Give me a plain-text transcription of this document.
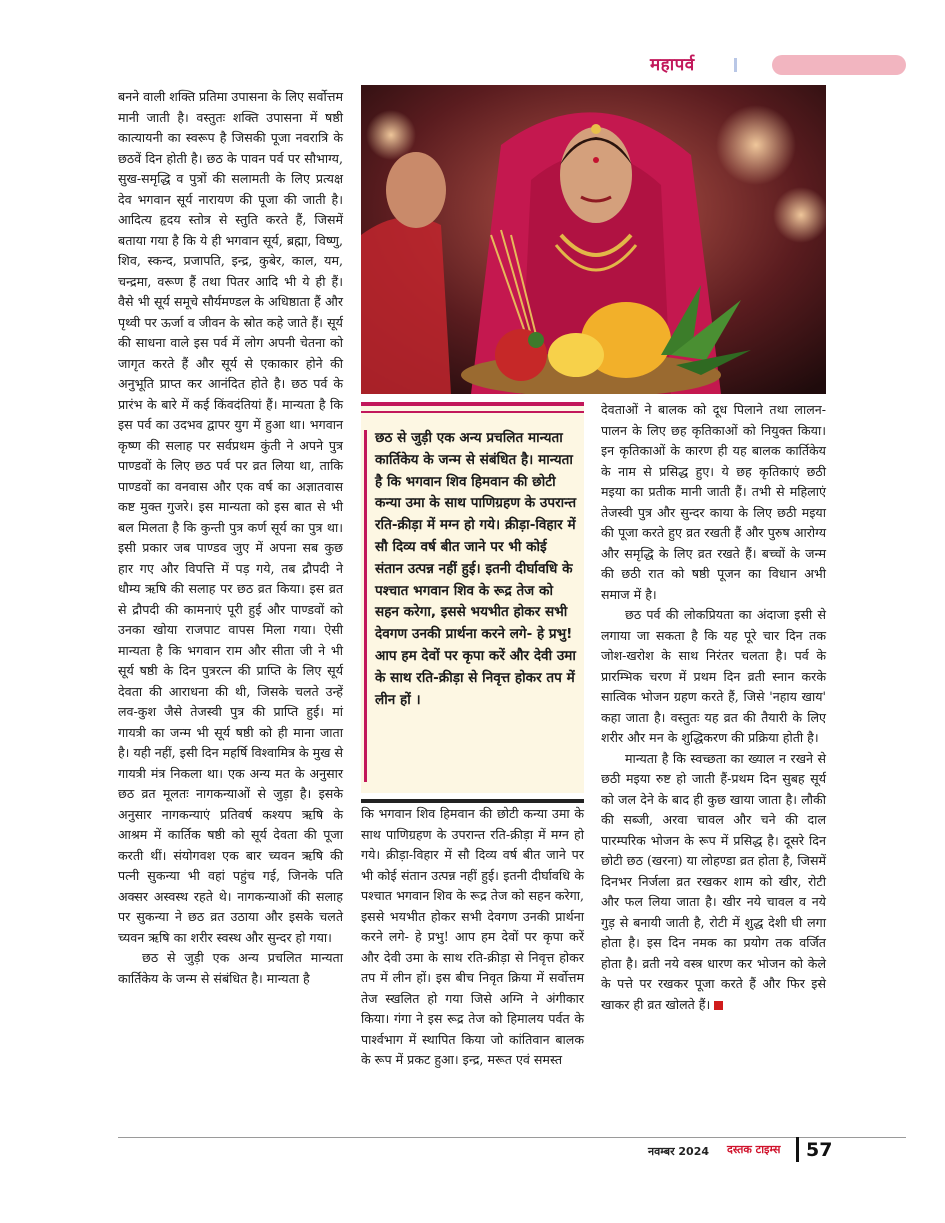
महापर्व

बनने वाली शक्ति प्रतिमा उपासना के लिए सर्वोत्तम मानी जाती है। वस्तुतः शक्ति उपासना में षष्ठी कात्यायनी का स्वरूप है जिसकी पूजा नवरात्रि के छठवें दिन होती है। छठ के पावन पर्व पर सौभाग्य, सुख-समृद्धि व पुत्रों की सलामती के लिए प्रत्यक्ष देव भगवान सूर्य नारायण की पूजा की जाती है। आदित्य हृदय स्तोत्र से स्तुति करते हैं, जिसमें बताया गया है कि ये ही भगवान सूर्य, ब्रह्मा, विष्णु, शिव, स्कन्द, प्रजापति, इन्द्र, कुबेर, काल, यम, चन्द्रमा, वरूण हैं तथा पितर आदि भी ये ही हैं। वैसे भी सूर्य समूचे सौर्यमण्डल के अधिष्ठाता हैं और पृथ्वी पर ऊर्जा व जीवन के स्रोत कहे जाते हैं। सूर्य की साधना वाले इस पर्व में लोग अपनी चेतना को जागृत करते हैं और सूर्य से एकाकार होने की अनुभूति प्राप्त कर आनंदित होते है। छठ पर्व के प्रारंभ के बारे में कई किंवदंतियां हैं। मान्यता है कि इस पर्व का उदभव द्वापर युग में हुआ था। भगवान कृष्ण की सलाह पर सर्वप्रथम कुंती ने अपने पुत्र पाण्डवों के लिए छठ पर्व पर व्रत लिया था, ताकि पाण्डवों का वनवास और एक वर्ष का अज्ञातवास कष्ट मुक्त गुजरे। इस मान्यता को इस बात से भी बल मिलता है कि कुन्ती पुत्र कर्ण सूर्य का पुत्र था। इसी प्रकार जब पाण्डव जुए में अपना सब कुछ हार गए और विपत्ति में पड़ गये, तब द्रौपदी ने धौम्य ऋषि की सलाह पर छठ व्रत किया। इस व्रत से द्रौपदी की कामनाएं पूरी हुई और पाण्डवों को उनका खोया राजपाट वापस मिला गया। ऐसी मान्यता है कि भगवान राम और सीता जी ने भी सूर्य षष्ठी के दिन पुत्ररत्न की प्राप्ति के लिए सूर्य देवता की आराधना की थी, जिसके चलते उन्हें लव-कुश जैसे तेजस्वी पुत्र की प्राप्ति हुई। मां गायत्री का जन्म भी सूर्य षष्ठी को ही माना जाता है। यही नहीं, इसी दिन महर्षि विश्वामित्र के मुख से गायत्री मंत्र निकला था। एक अन्य मत के अनुसार छठ व्रत मूलतः नागकन्याओं से जुड़ा है। इसके अनुसार नागकन्याएं प्रतिवर्ष कश्यप ऋषि के आश्रम में कार्तिक षष्ठी को सूर्य देवता की पूजा करती थीं। संयोगवश एक बार च्यवन ऋषि की पत्नी सुकन्या भी वहां पहुंच गई, जिनके पति अक्सर अस्वस्थ रहते थे। नागकन्याओं की सलाह पर सुकन्या ने छठ व्रत उठाया और इसके चलते च्यवन ऋषि का शरीर स्वस्थ और सुन्दर हो गया।

छठ से जुड़ी एक अन्य प्रचलित मान्यता कार्तिकेय के जन्म से संबंधित है। मान्यता है

छठ से जुड़ी एक अन्य प्रचलित मान्यता कार्तिकेय के जन्म से संबंधित है। मान्यता है कि भगवान शिव हिमवान की छोटी कन्या उमा के साथ पाणिग्रहण के उपरान्त रति-क्रीड़ा में मग्न हो गये। क्रीड़ा-विहार में सौ दिव्य वर्ष बीत जाने पर भी कोई संतान उत्पन्न नहीं हुई। इतनी दीर्घावधि के पश्चात भगवान शिव के रूद्र तेज को सहन करेगा, इससे भयभीत होकर सभी देवगण उनकी प्रार्थना करने लगे- हे प्रभु! आप हम देवों पर कृपा करें और देवी उमा के साथ रति-क्रीड़ा से निवृत्त होकर तप में लीन हों ।

कि भगवान शिव हिमवान की छोटी कन्या उमा के साथ पाणिग्रहण के उपरान्त रति-क्रीड़ा में मग्न हो गये। क्रीड़ा-विहार में सौ दिव्य वर्ष बीत जाने पर भी कोई संतान उत्पन्न नहीं हुई। इतनी दीर्घावधि के पश्चात भगवान शिव के रूद्र तेज को सहन करेगा, इससे भयभीत होकर सभी देवगण उनकी प्रार्थना करने लगे- हे प्रभु! आप हम देवों पर कृपा करें और देवी उमा के साथ रति-क्रीड़ा से निवृत्त होकर तप में लीन हों। इस बीच निवृत क्रिया में सर्वोत्तम तेज स्खलित हो गया जिसे अग्नि ने अंगीकार किया। गंगा ने इस रूद्र तेज को हिमालय पर्वत के पार्श्वभाग में स्थापित किया जो कांतिवान बालक के रूप में प्रकट हुआ। इन्द्र, मरूत एवं समस्त

देवताओं ने बालक को दूध पिलाने तथा लालन-पालन के लिए छह कृतिकाओं को नियुक्त किया। इन कृतिकाओं के कारण ही यह बालक कार्तिकेय के नाम से प्रसिद्ध हुए। ये छह कृतिकाएं छठी मइया का प्रतीक मानी जाती हैं। तभी से महिलाएं तेजस्वी पुत्र और सुन्दर काया के लिए छठी मइया की पूजा करते हुए व्रत रखती हैं और पुरुष आरोग्य और समृद्धि के लिए व्रत रखते हैं। बच्चों के जन्म की छठी रात को षष्ठी पूजन का विधान अभी समाज में है।

छठ पर्व की लोकप्रियता का अंदाजा इसी से लगाया जा सकता है कि यह पूरे चार दिन तक जोश-खरोश के साथ निरंतर चलता है। पर्व के प्रारम्भिक चरण में प्रथम दिन व्रती स्नान करके सात्विक भोजन ग्रहण करते हैं, जिसे 'नहाय खाय' कहा जाता है। वस्तुतः यह व्रत की तैयारी के लिए शरीर और मन के शुद्धिकरण की प्रक्रिया होती है।

मान्यता है कि स्वच्छता का ख्याल न रखने से छठी मइया रुष्ट हो जाती हैं-प्रथम दिन सुबह सूर्य को जल देने के बाद ही कुछ खाया जाता है। लौकी की सब्जी, अरवा चावल और चने की दाल पारम्परिक भोजन के रूप में प्रसिद्ध है। दूसरे दिन छोटी छठ (खरना) या लोहण्डा व्रत होता है, जिसमें दिनभर निर्जला व्रत रखकर शाम को खीर, रोटी और फल लिया जाता है। खीर नये चावल व नये गुड़ से बनायी जाती है, रोटी में शुद्ध देशी घी लगा होता है। इस दिन नमक का प्रयोग तक वर्जित होता है। व्रती नये वस्त्र धारण कर भोजन को केले के पत्ते पर रखकर पूजा करते हैं और फिर इसे खाकर ही व्रत खोलते हैं।

नवम्बर 2024 दस्तक टाइम्स 57
